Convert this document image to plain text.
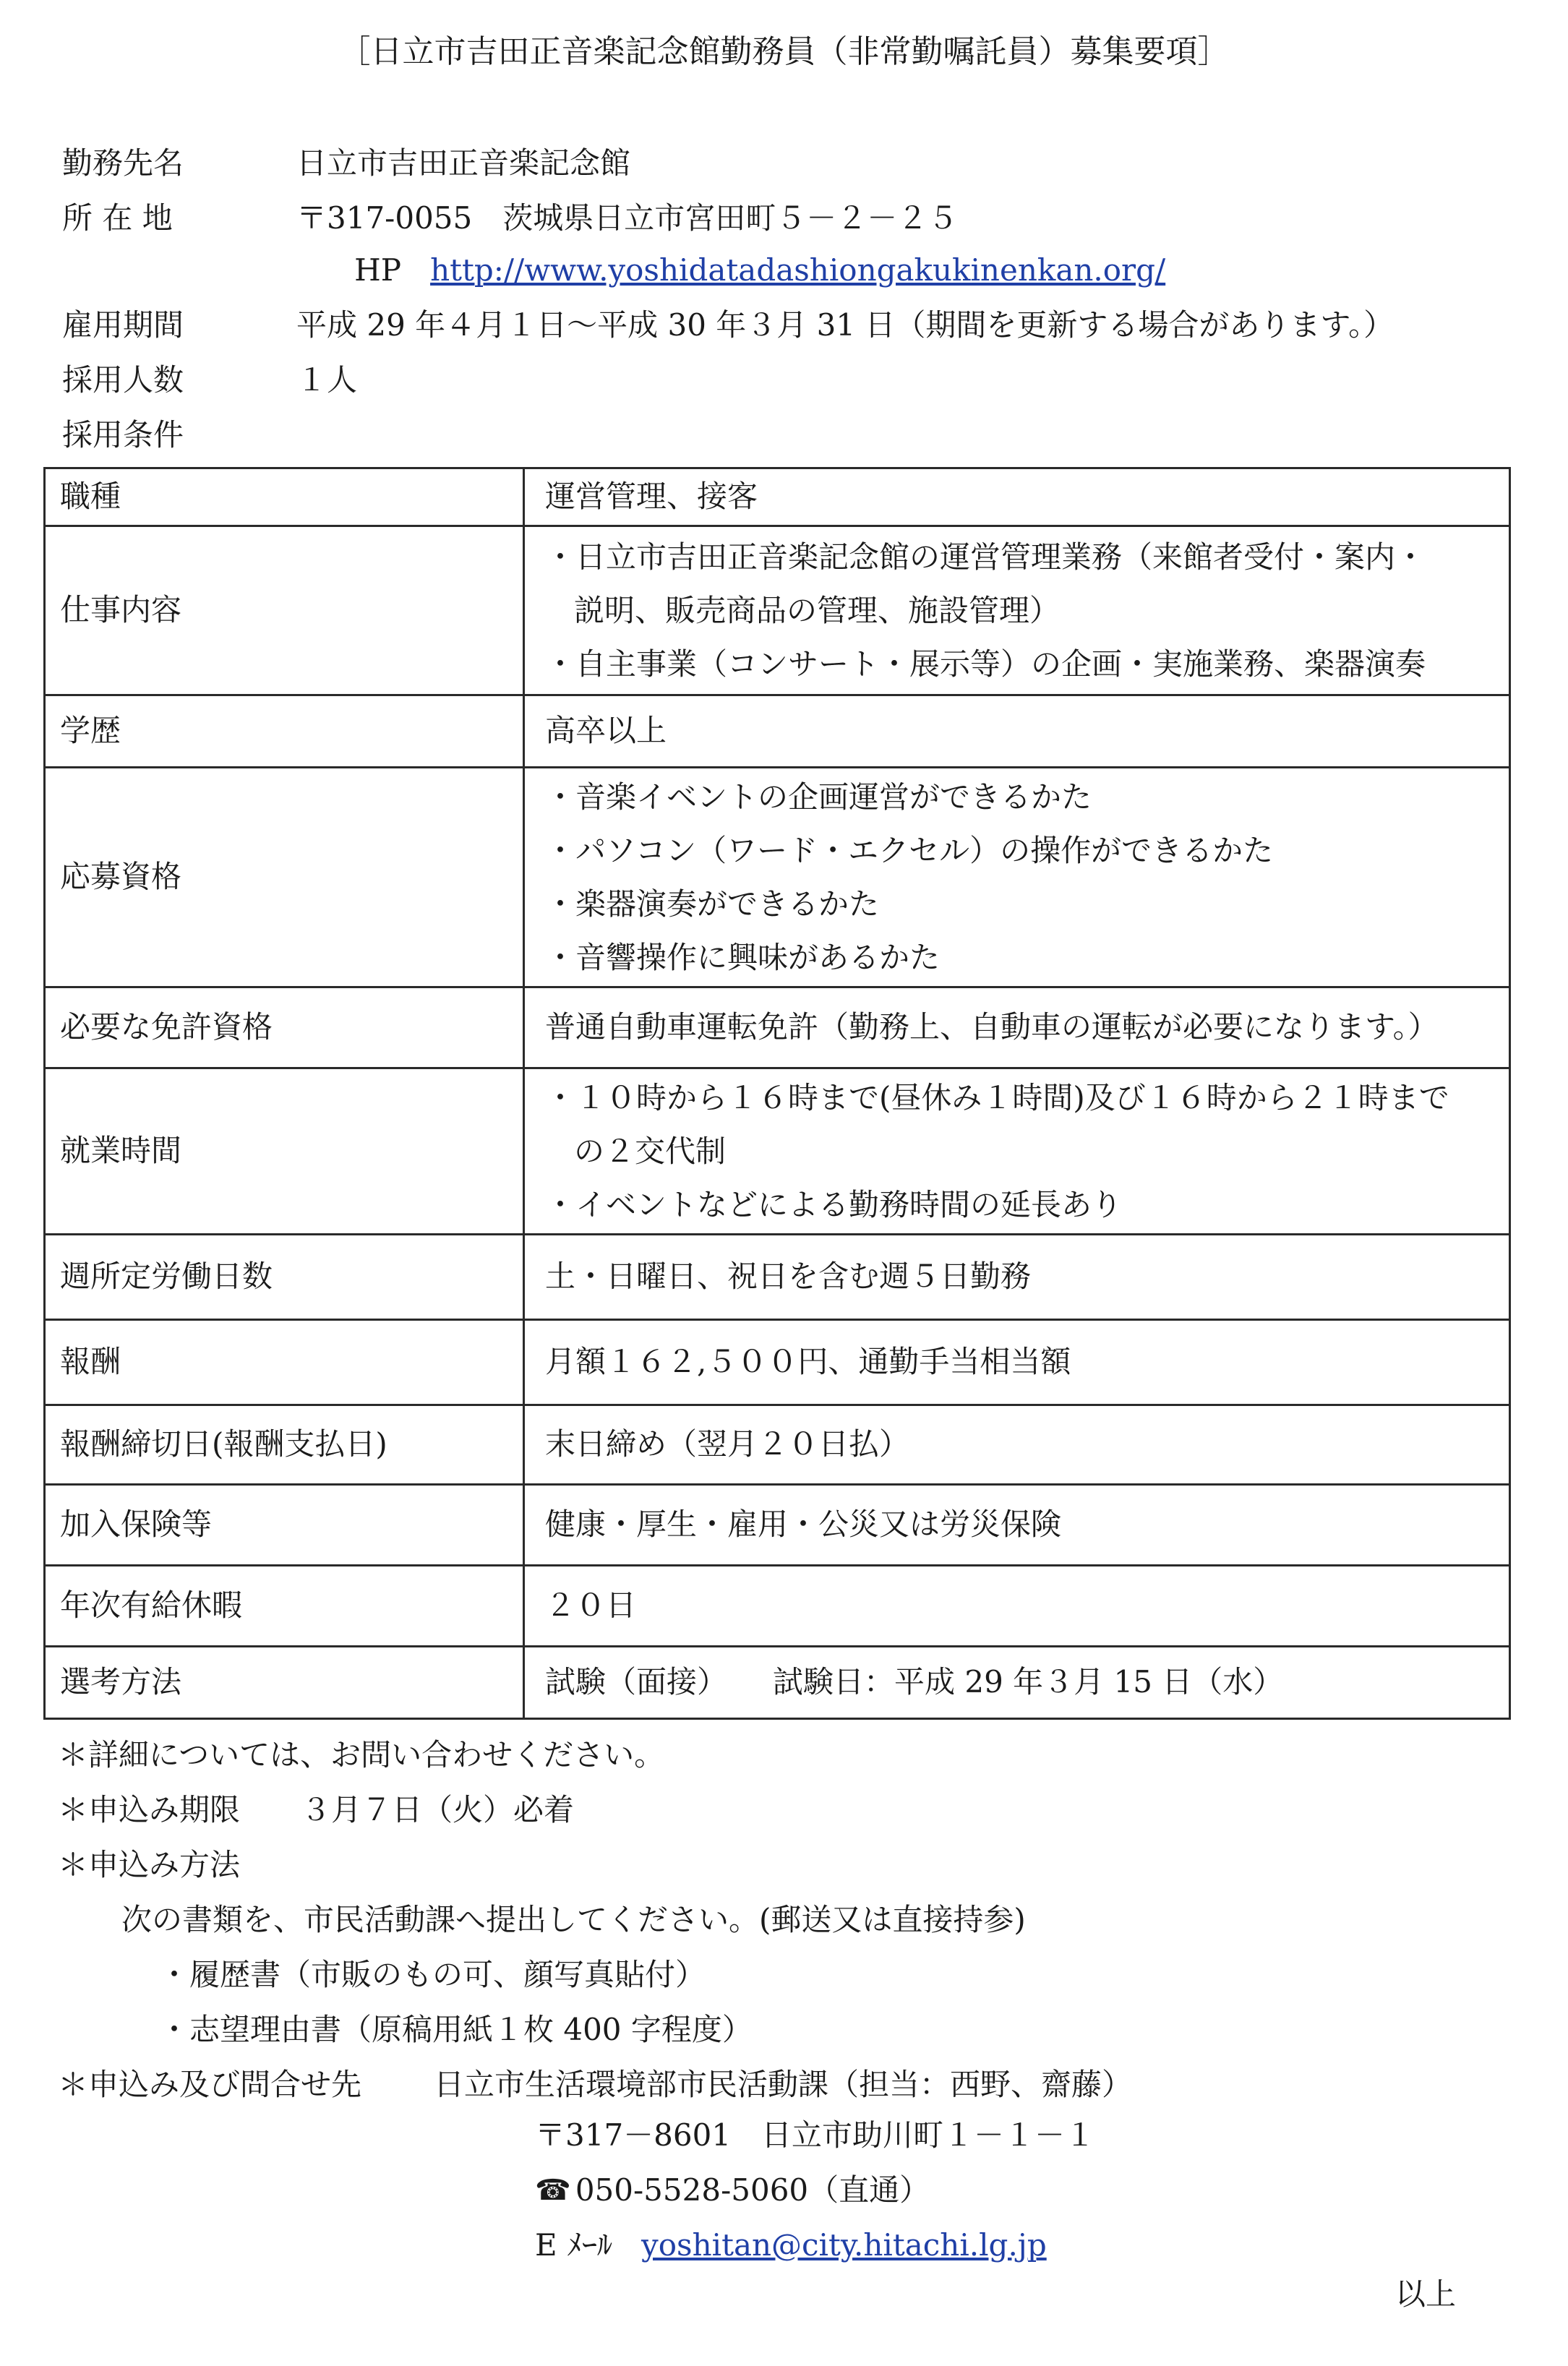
［日立市吉田正音楽記念館勤務員（非常勤嘱託員）募集要項］
勤務先名	日立市吉田正音楽記念館
所 在 地	〒317-0055　茨城県日立市宮田町５－２－２５

HP http://www.yoshidatadashiongakukinenkan.org/

雇用期間	平成 29 年４月１日～平成 30 年３月 31 日（期間を更新する場合があります。）
採用人数	１人
採用条件
職種	運営管理、接客
仕事内容	・日立市吉田正音楽記念館の運営管理業務（来館者受付・案内・
説明、販売商品の管理、施設管理）
・自主事業（コンサート・展示等）の企画・実施業務、楽器演奏

学歴	高卒以上
応募資格	・音楽イベントの企画運営ができるかた
・パソコン（ワード・エクセル）の操作ができるかた
・楽器演奏ができるかた
・音響操作に興味があるかた

必要な免許資格	普通自動車運転免許（勤務上、自動車の運転が必要になります。）
就業時間	・１０時から１６時まで(昼休み１時間)及び１６時から２１時まで
の２交代制
・イベントなどによる勤務時間の延長あり

週所定労働日数	土・日曜日、祝日を含む週５日勤務
報酬	月額１６２,５００円、通勤手当相当額
報酬締切日(報酬支払日)	末日締め（翌月２０日払）
加入保険等	健康・厚生・雇用・公災又は労災保険
年次有給休暇	２０日
選考方法	試験（面接）　　試験日：平成 29 年３月 15 日（水）
＊詳細については、お問い合わせください。
＊申込み期限　　３月７日（火）必着
＊申込み方法
次の書類を、市民活動課へ提出してください。(郵送又は直接持参)
・履歴書（市販のもの可、顔写真貼付）
・志望理由書（原稿用紙１枚 400 字程度）
＊申込み及び問合せ先 日立市生活環境部市民活動課（担当：西野、齋藤）
〒317－8601　日立市助川町１－１－１
☎ 050-5528-5060（直通）
E ﾒｰﾙ yoshitan@city.hitachi.lg.jp
以上
